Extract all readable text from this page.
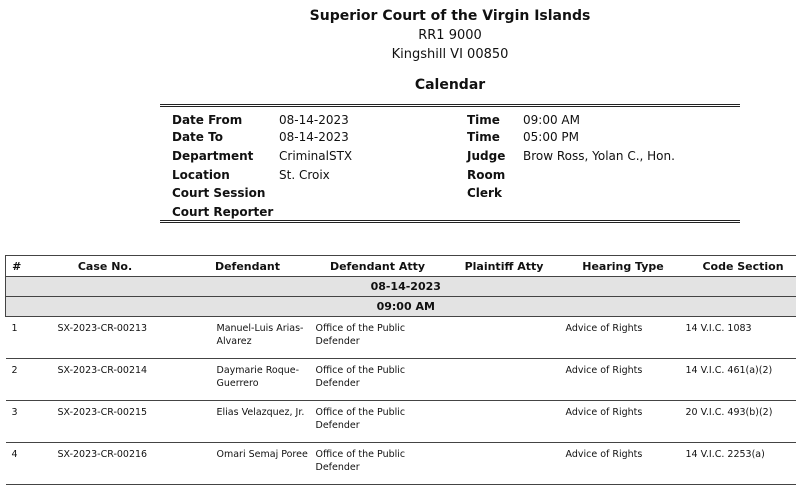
Superior Court of the Virgin Islands
RR1 9000
Kingshill VI 00850
Calendar
Date From	08-14-2023
Date To	08-14-2023
Department CriminalSTX
Location	St. Croix
Court Session
Court Reporter
Time 09:00 AM
Time 05:00 PM
Judge Brow Ross, Yolan C., Hon.
Room
Clerk
#	Case No.	Defendant	Defendant Atty	Plaintiff Atty	Hearing Type	Code Section
08-14-2023						
09:00 AM						
1	SX-2023-CR-00213	Manuel-Luis Arias-Alvarez	Office of the Public Defender		Advice of Rights	14 V.I.C. 1083
2	SX-2023-CR-00214	Daymarie Roque-Guerrero	Office of the Public Defender		Advice of Rights	14 V.I.C. 461(a)(2)
3	SX-2023-CR-00215	Elias Velazquez, Jr.	Office of the Public Defender		Advice of Rights	20 V.I.C. 493(b)(2)
4	SX-2023-CR-00216	Omari Semaj Poree	Office of the Public Defender		Advice of Rights	14 V.I.C. 2253(a)
